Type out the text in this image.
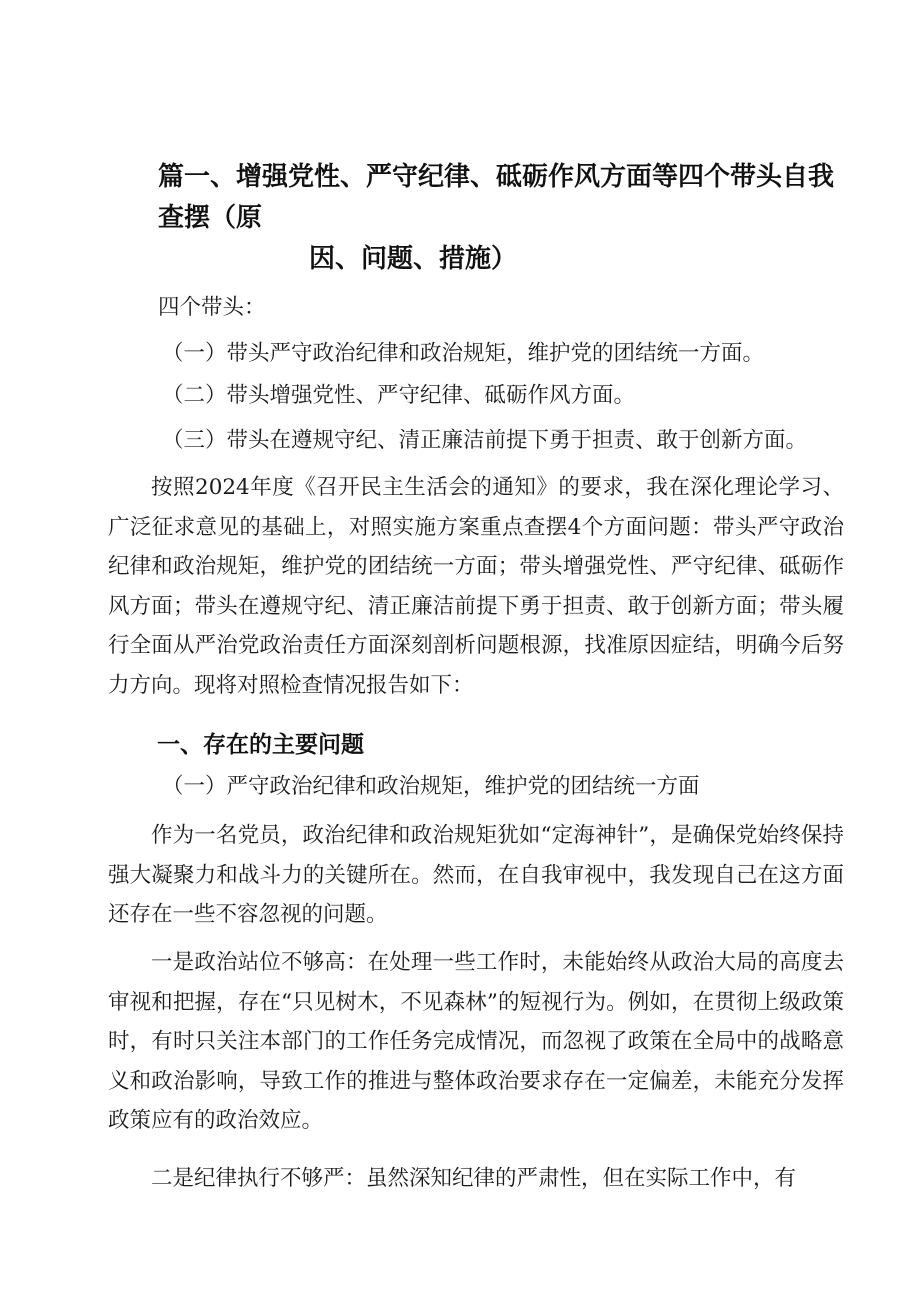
篇一、增强党性、严守纪律、砥砺作风方面等四个带头自我查摆（原
因、问题、措施）
四个带头：
（一）带头严守政治纪律和政治规矩，维护党的团结统一方面。
（二）带头增强党性、严守纪律、砥砺作风方面。
（三）带头在遵规守纪、清正廉洁前提下勇于担责、敢于创新方面。
按照2024年度《召开民主生活会的通知》的要求，我在深化理论学习、广泛征求意见的基础上，对照实施方案重点查摆4个方面问题：带头严守政治纪律和政治规矩，维护党的团结统一方面；带头增强党性、严守纪律、砥砺作风方面；带头在遵规守纪、清正廉洁前提下勇于担责、敢于创新方面；带头履行全面从严治党政治责任方面深刻剖析问题根源，找准原因症结，明确今后努力方向。现将对照检查情况报告如下：
一、存在的主要问题
（一）严守政治纪律和政治规矩，维护党的团结统一方面
作为一名党员，政治纪律和政治规矩犹如“定海神针”，是确保党始终保持强大凝聚力和战斗力的关键所在。然而，在自我审视中，我发现自己在这方面还存在一些不容忽视的问题。
一是政治站位不够高：在处理一些工作时，未能始终从政治大局的高度去审视和把握，存在“只见树木，不见森林”的短视行为。例如，在贯彻上级政策时，有时只关注本部门的工作任务完成情况，而忽视了政策在全局中的战略意义和政治影响，导致工作的推进与整体政治要求存在一定偏差，未能充分发挥政策应有的政治效应。
二是纪律执行不够严：虽然深知纪律的严肃性，但在实际工作中，有
